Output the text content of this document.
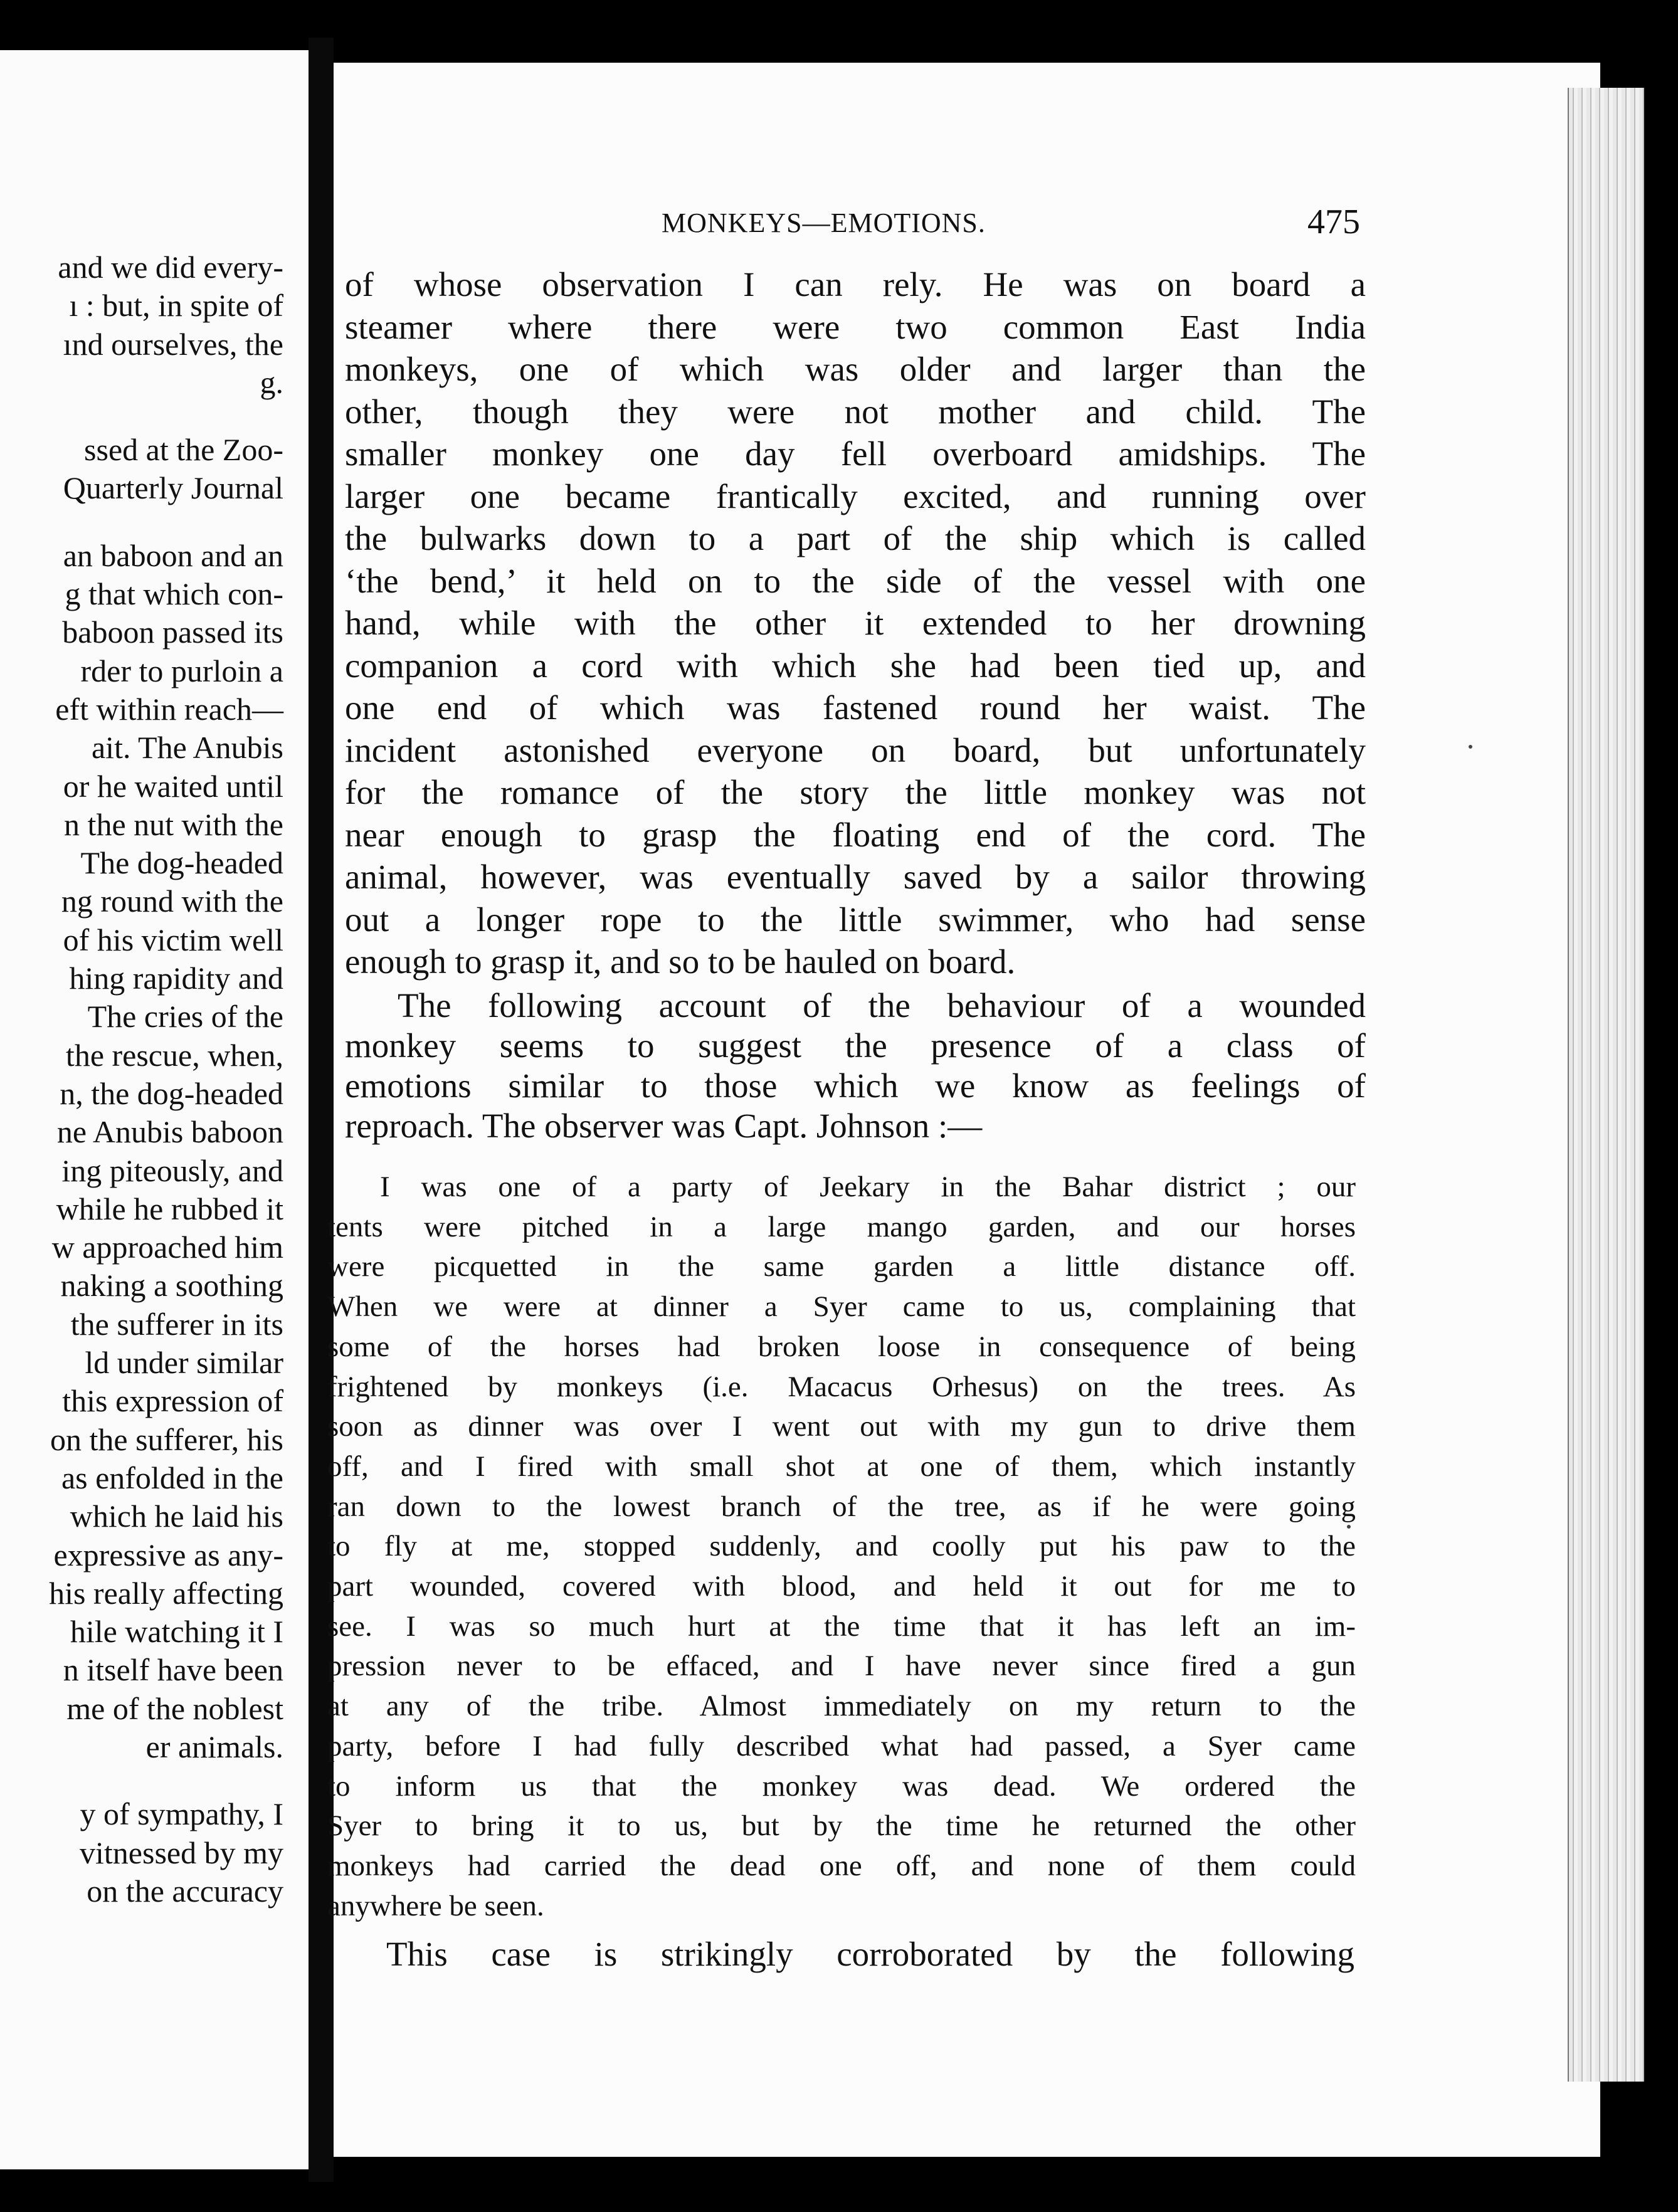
and we did every-
ı : but, in spite of
ınd ourselves, the
g.
ssed at the Zoo-
Quarterly Journal
an baboon and an
g that which con-
baboon passed its
rder to purloin a
eft within reach—
ait. The Anubis
or he waited until
n the nut with the
The dog-headed
ng round with the
of his victim well
hing rapidity and
The cries of the
the rescue, when,
n, the dog-headed
ne Anubis baboon
ing piteously, and
while he rubbed it
w approached him
naking a soothing
the sufferer in its
ld under similar
this expression of
on the sufferer, his
as enfolded in the
which he laid his
expressive as any-
his really affecting
hile watching it I
n itself have been
me of the noblest
er animals.
y of sympathy, I
vitnessed by my
on the accuracy
MONKEYS—EMOTIONS.	475
of whose observation I can rely. He was on board a
steamer where there were two common East India
monkeys, one of which was older and larger than the
other, though they were not mother and child. The
smaller monkey one day fell overboard amidships. The
larger one became frantically excited, and running over
the bulwarks down to a part of the ship which is called
‘the bend,’ it held on to the side of the vessel with one
hand, while with the other it extended to her drowning
companion a cord with which she had been tied up, and
one end of which was fastened round her waist. The
incident astonished everyone on board, but unfortunately
for the romance of the story the little monkey was not
near enough to grasp the floating end of the cord. The
animal, however, was eventually saved by a sailor throwing
out a longer rope to the little swimmer, who had sense
enough to grasp it, and so to be hauled on board.
The following account of the behaviour of a wounded
monkey seems to suggest the presence of a class of
emotions similar to those which we know as feelings of
reproach. The observer was Capt. Johnson :—
I was one of a party of Jeekary in the Bahar district ; our
tents were pitched in a large mango garden, and our horses
were picquetted in the same garden a little distance off.
When we were at dinner a Syer came to us, complaining that
some of the horses had broken loose in consequence of being
frightened by monkeys (i.e. Macacus Orhesus) on the trees. As
soon as dinner was over I went out with my gun to drive them
off, and I fired with small shot at one of them, which instantly
ran down to the lowest branch of the tree, as if he were going
to fly at me, stopped suddenly, and coolly put his paw to the
part wounded, covered with blood, and held it out for me to
see. I was so much hurt at the time that it has left an im-
pression never to be effaced, and I have never since fired a gun
at any of the tribe. Almost immediately on my return to the
party, before I had fully described what had passed, a Syer came
to inform us that the monkey was dead. We ordered the
Syer to bring it to us, but by the time he returned the other
monkeys had carried the dead one off, and none of them could
anywhere be seen.
This case is strikingly corroborated by the following
